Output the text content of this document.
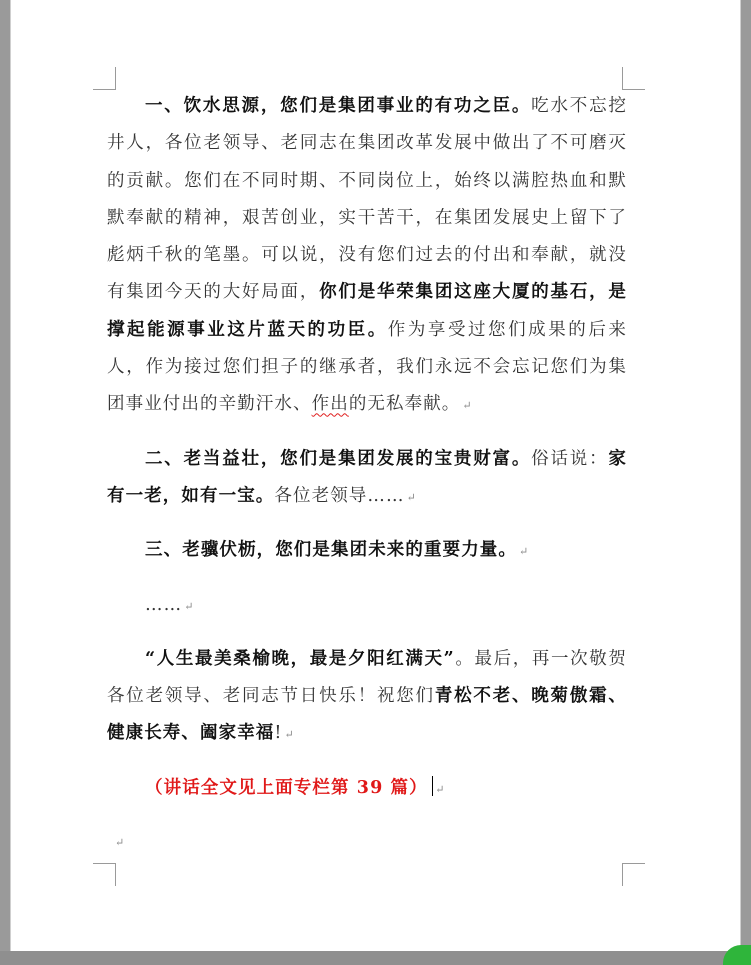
一、饮水思源，您们是集团事业的有功之臣。吃水不忘挖井人，各位老领导、老同志在集团改革发展中做出了不可磨灭的贡献。您们在不同时期、不同岗位上，始终以满腔热血和默默奉献的精神，艰苦创业，实干苦干，在集团发展史上留下了彪炳千秋的笔墨。可以说，没有您们过去的付出和奉献，就没有集团今天的大好局面，你们是华荣集团这座大厦的基石，是撑起能源事业这片蓝天的功臣。作为享受过您们成果的后来人，作为接过您们担子的继承者，我们永远不会忘记您们为集团事业付出的辛勤汗水、作出的无私奉献。 ↵

二、老当益壮，您们是集团发展的宝贵财富。俗话说：家有一老，如有一宝。各位老领导…… ↵

三、老骥伏枥，您们是集团未来的重要力量。 ↵

…… ↵

“人生最美桑榆晚，最是夕阳红满天”。最后，再一次敬贺各位老领导、老同志节日快乐！祝您们青松不老、晚菊傲霜、健康长寿、阖家幸福! ↵

（讲话全文见上面专栏第 39 篇） ↵

↵
